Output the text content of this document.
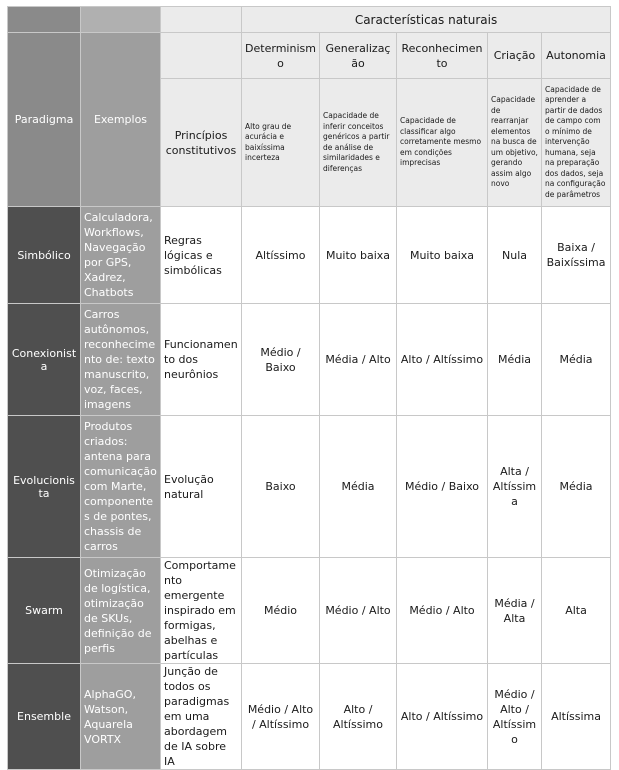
			Características naturais				
Paradigma	Exemplos		Determinismo	Generalização	Reconhecimento	Criação	Autonomia
		Princípios constitutivos	Alto grau de acurácia e baixíssima incerteza	Capacidade de inferir conceitos genéricos a partir de análise de similaridades e diferenças	Capacidade de classificar algo corretamente mesmo em condições imprecisas	Capacidade de rearranjar elementos na busca de um objetivo, gerando assim algo novo	Capacidade de aprender a partir de dados de campo com o mínimo de intervenção humana, seja na preparação dos dados, seja na configuração de parâmetros
Simbólico	Calculadora, Workflows, Navegação por GPS, Xadrez, Chatbots	Regras lógicas e simbólicas	Altíssimo	Muito baixa	Muito baixa	Nula	Baixa / Baixíssima
Conexionista	Carros autônomos, reconhecimento de: texto manuscrito, voz, faces, imagens	Funcionamento dos neurônios	Médio / Baixo	Média / Alto	Alto / Altíssimo	Média	Média
Evolucionista	Produtos criados: antena para comunicação com Marte, componentes de pontes, chassis de carros	Evolução natural	Baixo	Média	Médio / Baixo	Alta / Altíssima	Média
Swarm	Otimização de logística, otimização de SKUs, definição de perfis	Comportamento emergente inspirado em formigas, abelhas e partículas	Médio	Médio / Alto	Médio / Alto	Média / Alta	Alta
Ensemble	AlphaGO, Watson, Aquarela VORTX	Junção de todos os paradigmas em uma abordagem de IA sobre IA	Médio / Alto / Altíssimo	Alto / Altíssimo	Alto / Altíssimo	Médio / Alto / Altíssimo	Altíssima
